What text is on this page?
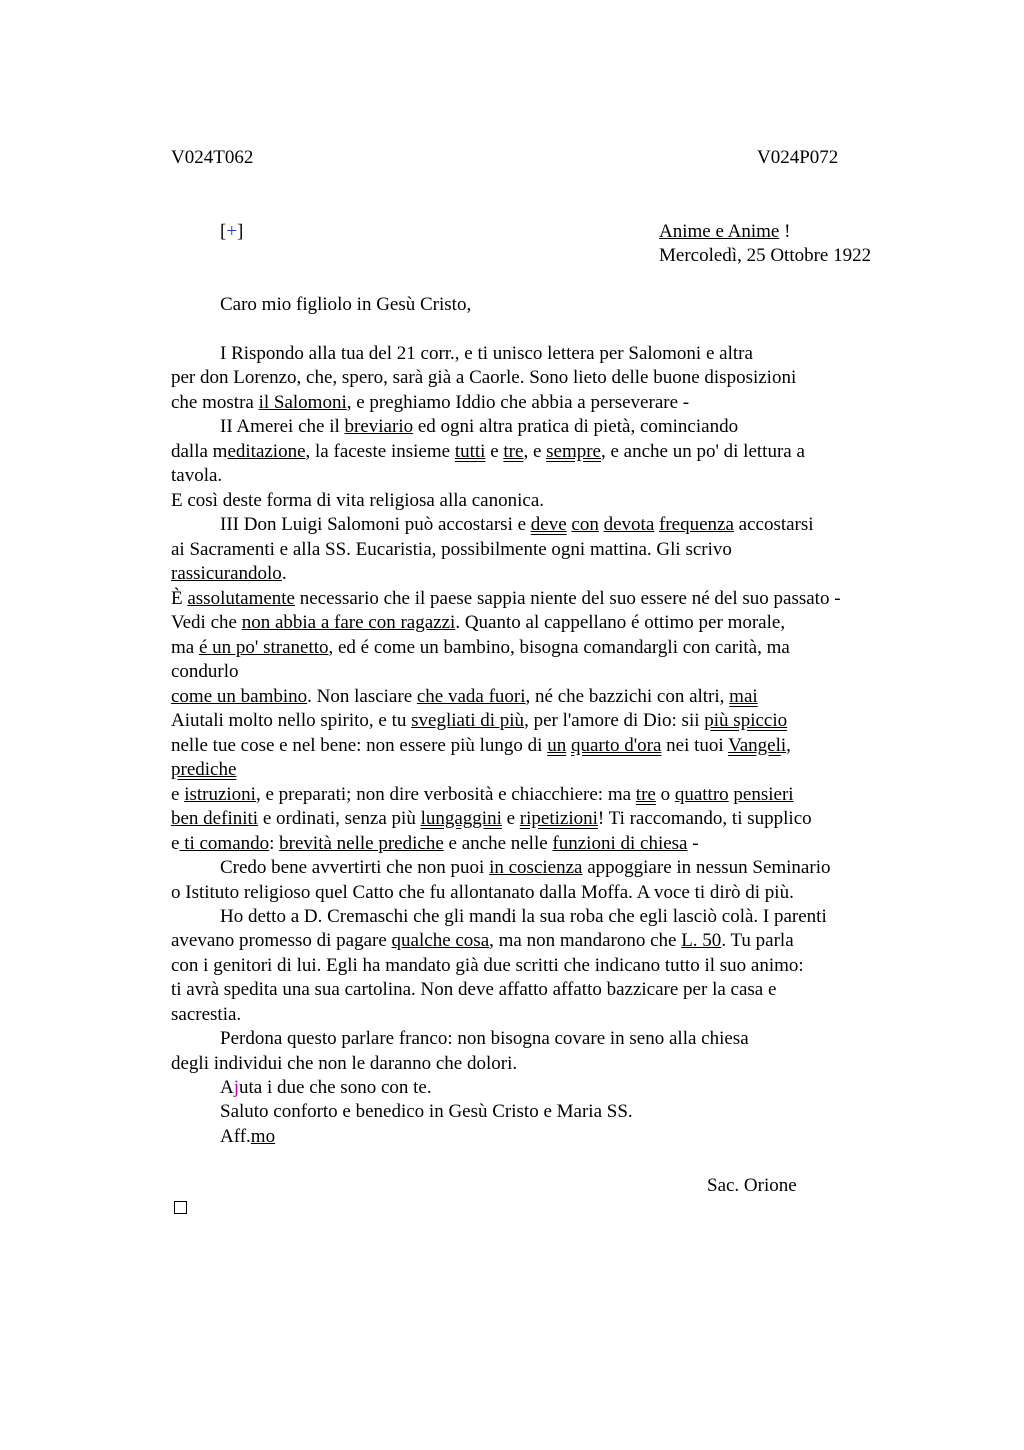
V024T062	V024P072
[+]	Anime e Anime !
Mercoledì, 25 Ottobre 1922
Caro mio figliolo in Gesù Cristo,
I Rispondo alla tua del 21 corr., e ti unisco lettera per Salomoni e altra
per don Lorenzo, che, spero, sarà già a Caorle. Sono lieto delle buone disposizioni
che mostra il Salomoni, e preghiamo Iddio che abbia a perseverare -
II Amerei che il breviario ed ogni altra pratica di pietà, cominciando
dalla meditazione, la faceste insieme tutti e tre, e sempre, e anche un po' di lettura a
tavola.
E così deste forma di vita religiosa alla canonica.
III Don Luigi Salomoni può accostarsi e deve con devota frequenza accostarsi
ai Sacramenti e alla SS. Eucaristia, possibilmente ogni mattina. Gli scrivo
rassicurandolo.
È assolutamente necessario che il paese sappia niente del suo essere né del suo passato -
Vedi che non abbia a fare con ragazzi. Quanto al cappellano é ottimo per morale,
ma é un po' stranetto, ed é come un bambino, bisogna comandargli con carità, ma
condurlo
come un bambino. Non lasciare che vada fuori, né che bazzichi con altri, mai
Aiutali molto nello spirito, e tu svegliati di più, per l'amore di Dio: sii più spiccio
nelle tue cose e nel bene: non essere più lungo di un quarto d'ora nei tuoi Vangeli,
prediche
e istruzioni, e preparati; non dire verbosità e chiacchiere: ma tre o quattro pensieri
ben definiti e ordinati, senza più lungaggini e ripetizioni! Ti raccomando, ti supplico
e ti comando: brevità nelle prediche e anche nelle funzioni di chiesa -
Credo bene avvertirti che non puoi in coscienza appoggiare in nessun Seminario
o Istituto religioso quel Catto che fu allontanato dalla Moffa. A voce ti dirò di più.
Ho detto a D. Cremaschi che gli mandi la sua roba che egli lasciò colà. I parenti
avevano promesso di pagare qualche cosa, ma non mandarono che L. 50. Tu parla
con i genitori di lui. Egli ha mandato già due scritti che indicano tutto il suo animo:
ti avrà spedita una sua cartolina. Non deve affatto affatto bazzicare per la casa e
sacrestia.
Perdona questo parlare franco: non bisogna covare in seno alla chiesa
degli individui che non le daranno che dolori.
Ajuta i due che sono con te.
Saluto conforto e benedico in Gesù Cristo e Maria SS.
Aff.mo
Sac. Orione
